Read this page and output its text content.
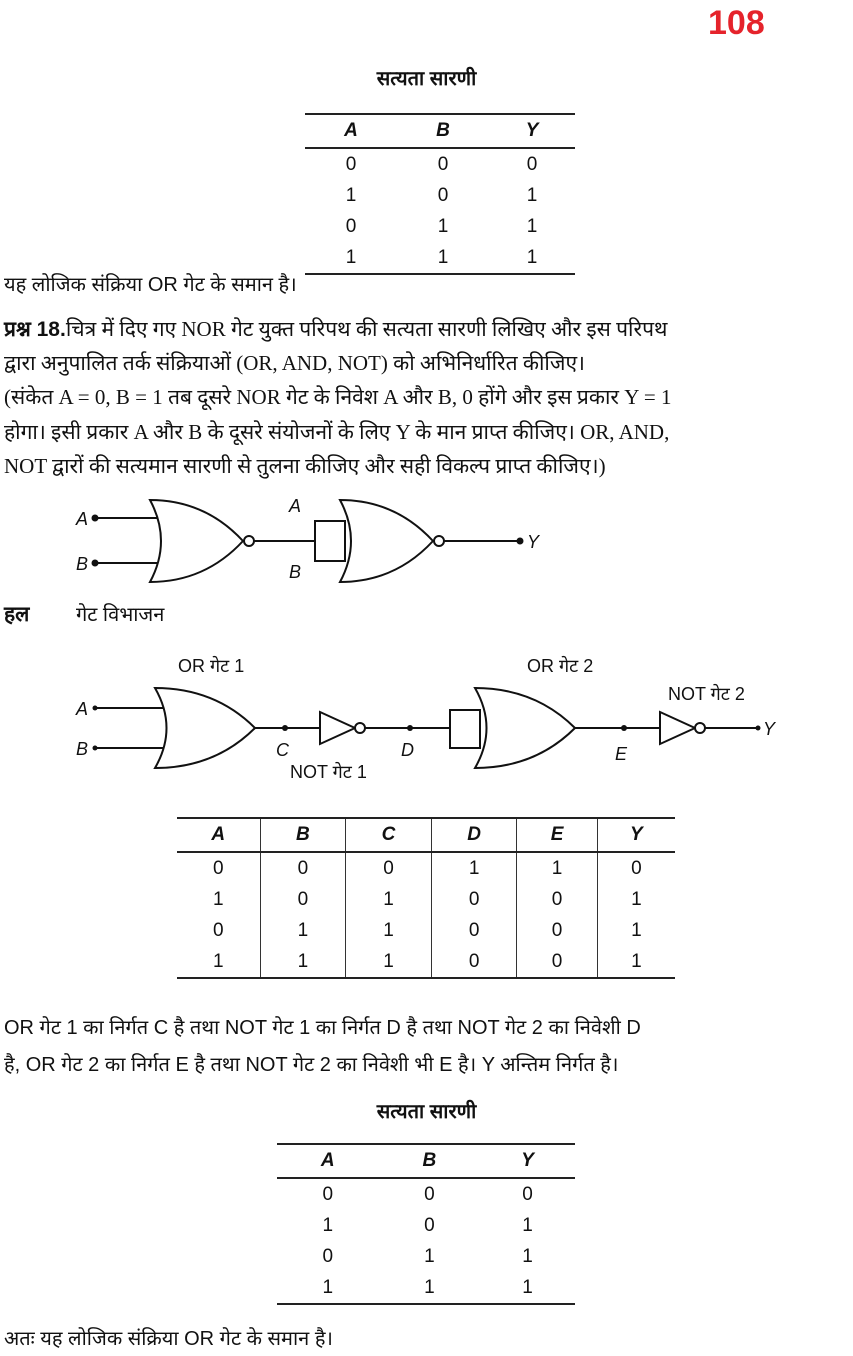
108
सत्यता सारणी
A	B	Y
0	0	0
1	0	1
0	1	1
1	1	1
यह लोजिक संक्रिया OR गेट के समान है।
प्रश्न 18.चित्र में दिए गए NOR गेट युक्त परिपथ की सत्यता सारणी लिखिए और इस परिपथ
द्वारा अनुपालित तर्क संक्रियाओं (OR, AND, NOT) को अभिनिर्धारित कीजिए।
(संकेत A = 0, B = 1 तब दूसरे NOR गेट के निवेश A और B, 0 होंगे और इस प्रकार Y = 1
होगा। इसी प्रकार A और B के दूसरे संयोजनों के लिए Y के मान प्राप्त कीजिए। OR, AND,
NOT द्वारों की सत्यमान सारणी से तुलना कीजिए और सही विकल्प प्राप्त कीजिए।)
A
B
A
B
Y
OR गेट 1	OR गेट 2
NOT गेट 2
NOT गेट 1
A
B	C	D	E
Y
हल गेट विभाजन
A	B	C	D	E	Y
0	0	0	1	1	0
1	0	1	0	0	1
0	1	1	0	0	1
1	1	1	0	0	1
OR गेट 1 का निर्गत C है तथा NOT गेट 1 का निर्गत D है तथा NOT गेट 2 का निवेशी D
है, OR गेट 2 का निर्गत E है तथा NOT गेट 2 का निवेशी भी E है। Y अन्तिम निर्गत है।
सत्यता सारणी
A	B	Y
0	0	0
1	0	1
0	1	1
1	1	1
अतः यह लोजिक संक्रिया OR गेट के समान है।
